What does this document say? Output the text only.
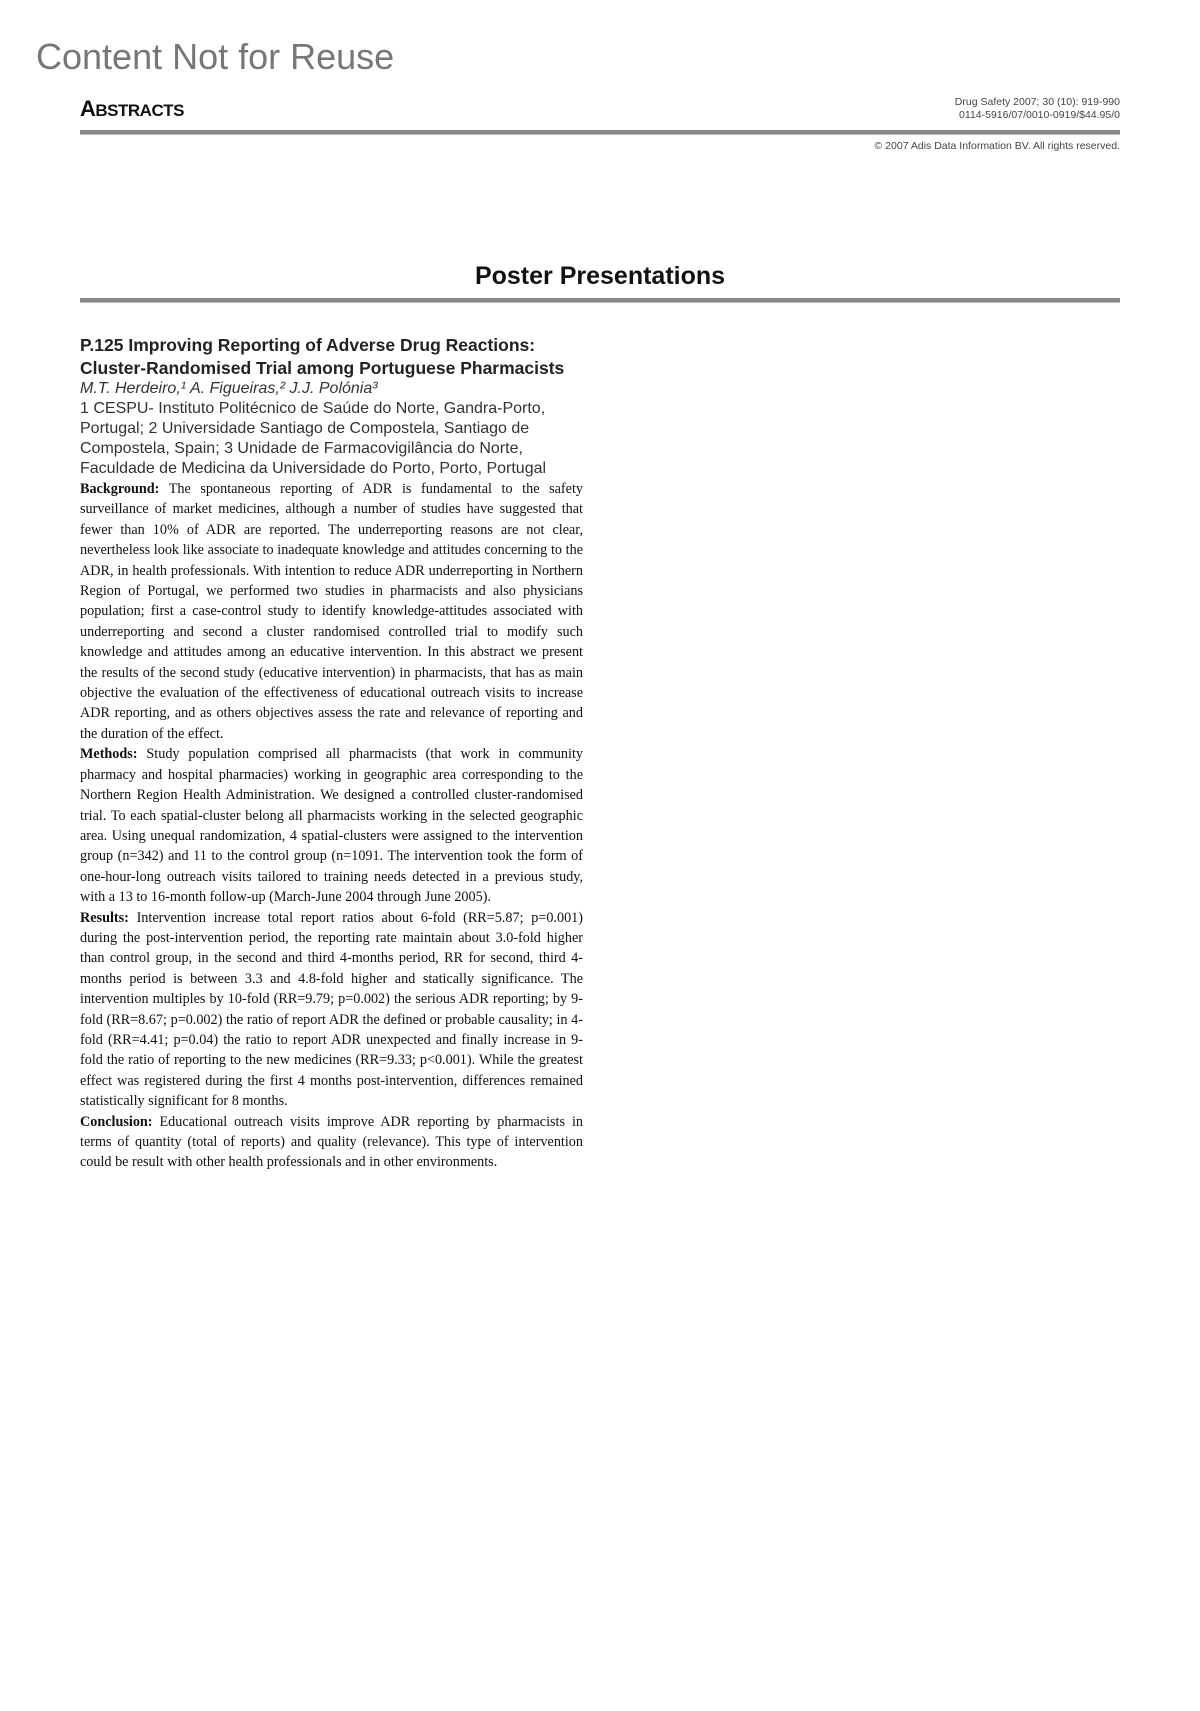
Content Not for Reuse
ABSTRACTS	Drug Safety 2007; 30 (10): 919-990
0114-5916/07/0010-0919/$44.95/0
© 2007 Adis Data Information BV. All rights reserved.
Poster Presentations
P.125 Improving Reporting of Adverse Drug Reactions: Cluster-Randomised Trial among Portuguese Pharmacists
M.T. Herdeiro,¹ A. Figueiras,² J.J. Polónia³
1 CESPU- Instituto Politécnico de Saúde do Norte, Gandra-Porto, Portugal; 2 Universidade Santiago de Compostela, Santiago de Compostela, Spain; 3 Unidade de Farmacovigilância do Norte, Faculdade de Medicina da Universidade do Porto, Porto, Portugal

Background: The spontaneous reporting of ADR is fundamental to the safety surveillance of market medicines, although a number of studies have suggested that fewer than 10% of ADR are reported. The underreporting reasons are not clear, nevertheless look like associate to inadequate knowledge and attitudes concerning to the ADR, in health professionals. With intention to reduce ADR underreporting in Northern Region of Portugal, we performed two studies in pharmacists and also physicians population; first a case-control study to identify knowledge-attitudes associated with underreporting and second a cluster randomised controlled trial to modify such knowledge and attitudes among an educative intervention. In this abstract we present the results of the second study (educative intervention) in pharmacists, that has as main objective the evaluation of the effectiveness of educational outreach visits to increase ADR reporting, and as others objectives assess the rate and relevance of reporting and the duration of the effect.

Methods: Study population comprised all pharmacists (that work in community pharmacy and hospital pharmacies) working in geographic area corresponding to the Northern Region Health Administration. We designed a controlled cluster-randomised trial. To each spatial-cluster belong all pharmacists working in the selected geographic area. Using unequal randomization, 4 spatial-clusters were assigned to the intervention group (n=342) and 11 to the control group (n=1091. The intervention took the form of one-hour-long outreach visits tailored to training needs detected in a previous study, with a 13 to 16-month follow-up (March-June 2004 through June 2005).

Results: Intervention increase total report ratios about 6-fold (RR=5.87; p=0.001) during the post-intervention period, the reporting rate maintain about 3.0-fold higher than control group, in the second and third 4-months period, RR for second, third 4-months period is between 3.3 and 4.8-fold higher and statically significance. The intervention multiples by 10-fold (RR=9.79; p=0.002) the serious ADR reporting; by 9-fold (RR=8.67; p=0.002) the ratio of report ADR the defined or probable causality; in 4-fold (RR=4.41; p=0.04) the ratio to report ADR unexpected and finally increase in 9-fold the ratio of reporting to the new medicines (RR=9.33; p<0.001). While the greatest effect was registered during the first 4 months post-intervention, differences remained statistically significant for 8 months.

Conclusion: Educational outreach visits improve ADR reporting by pharmacists in terms of quantity (total of reports) and quality (relevance). This type of intervention could be result with other health professionals and in other environments.
